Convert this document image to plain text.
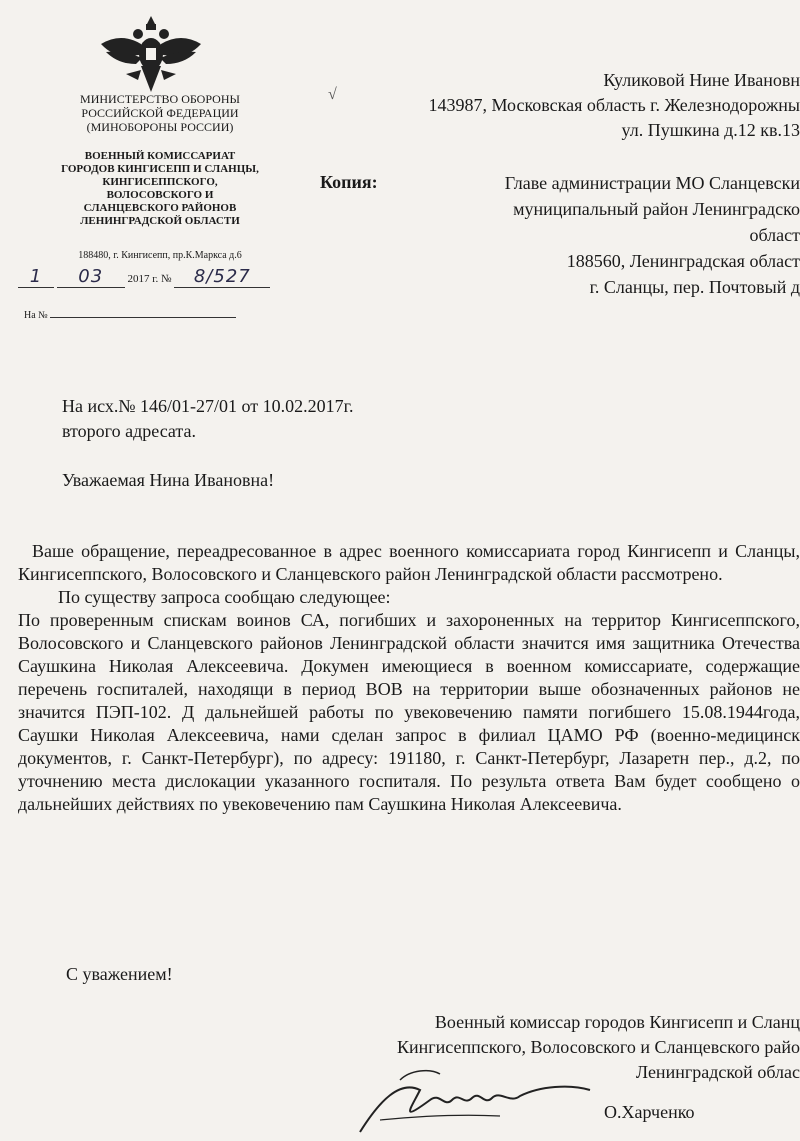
МИНИСТЕРСТВО ОБОРОНЫ
РОССИЙСКОЙ ФЕДЕРАЦИИ
(МИНОБОРОНЫ РОССИИ)
ВОЕННЫЙ КОМИССАРИАТ
ГОРОДОВ КИНГИСЕПП И СЛАНЦЫ,
КИНГИСЕППСКОГО,
ВОЛОСОВСКОГО И
СЛАНЦЕВСКОГО РАЙОНОВ
ЛЕНИНГРАДСКОЙ ОБЛАСТИ
188480, г. Кингисепп, пр.К.Маркса д.6
1 03 2017 г. № 8/527
На №
√
Куликовой Нине Ивановн
143987, Московская область г. Железнодорожны
ул. Пушкина д.12 кв.13
Копия:	Главе администрации МО Сланцевски
муниципальный район Ленинградско
област
188560, Ленинградская област
г. Сланцы, пер. Почтовый д
На исх.№ 146/01-27/01 от 10.02.2017г.
второго адресата.
Уважаемая Нина Ивановна!

Ваше обращение, переадресованное в адрес военного комиссариата город Кингисепп и Сланцы, Кингисеппского, Волосовского и Сланцевского район Ленинградской области рассмотрено.

По существу запроса сообщаю следующее:

По проверенным спискам воинов СА, погибших и захороненных на территор Кингисеппского, Волосовского и Сланцевского районов Ленинградской области значится имя защитника Отечества Саушкина Николая Алексеевича. Докумен имеющиеся в военном комиссариате, содержащие перечень госпиталей, находящи в период ВОВ на территории выше обозначенных районов не значится ПЭП-102. Д дальнейшей работы по увековечению памяти погибшего 15.08.1944года, Саушки Николая Алексеевича, нами сделан запрос в филиал ЦАМО РФ (военно-медицинск документов, г. Санкт-Петербург), по адресу: 191180, г. Санкт-Петербург, Лазаретн пер., д.2, по уточнению места дислокации указанного госпиталя. По результа ответа Вам будет сообщено о дальнейших действиях по увековечению пам Саушкина Николая Алексеевича.

С уважением!
Военный комиссар городов Кингисепп и Сланц
Кингисеппского, Волосовского и Сланцевского райо
Ленинградской облас
О.Харченко
